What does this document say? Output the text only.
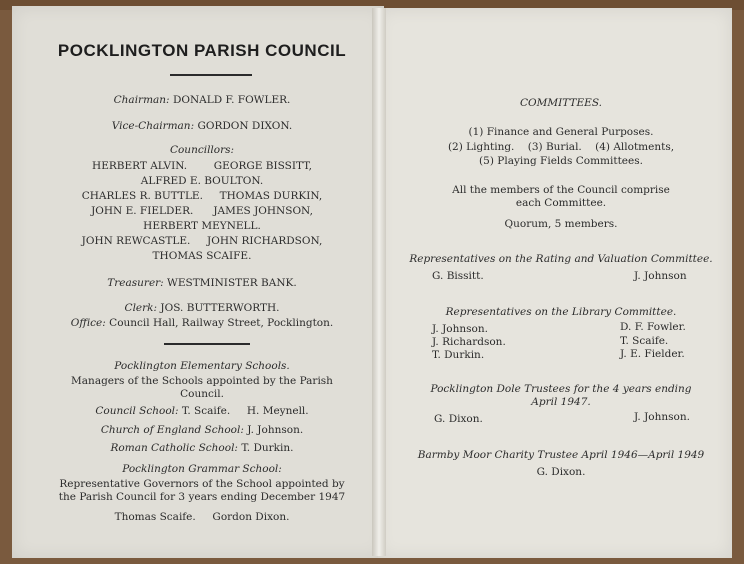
POCKLINGTON PARISH COUNCIL
Chairman: DONALD F. FOWLER.
Vice-Chairman: GORDON DIXON.
Councillors:
HERBERT ALVIN.        GEORGE BISSITT,
ALFRED E. BOULTON.
CHARLES R. BUTTLE.     THOMAS DURKIN,
JOHN E. FIELDER.      JAMES JOHNSON,
HERBERT MEYNELL.
JOHN REWCASTLE.     JOHN RICHARDSON,
THOMAS SCAIFE.
Treasurer: WESTMINISTER BANK.
Clerk: JOS. BUTTERWORTH.
Office: Council Hall, Railway Street, Pocklington.
Pocklington Elementary Schools.
Managers of the Schools appointed by the Parish
Council.
Council School: T. Scaife.     H. Meynell.
Church of England School: J. Johnson.
Roman Catholic School: T. Durkin.
Pocklington Grammar School:
Representative Governors of the School appointed by
the Parish Council for 3 years ending December 1947
Thomas Scaife.     Gordon Dixon.
COMMITTEES.
(1) Finance and General Purposes.
(2) Lighting.    (3) Burial.    (4) Allotments,
(5) Playing Fields Committees.
All the members of the Council comprise
each Committee.
Quorum, 5 members.
Representatives on the Rating and Valuation Committee.
G. Bissitt.	J. Johnson
Representatives on the Library Committee.
J. Johnson.
J. Richardson.
T. Durkin.
D. F. Fowler.
T. Scaife.
J. E. Fielder.
Pocklington Dole Trustees for the 4 years ending
April 1947.
G. Dixon.	J. Johnson.
Barmby Moor Charity Trustee April 1946—April 1949
G. Dixon.
